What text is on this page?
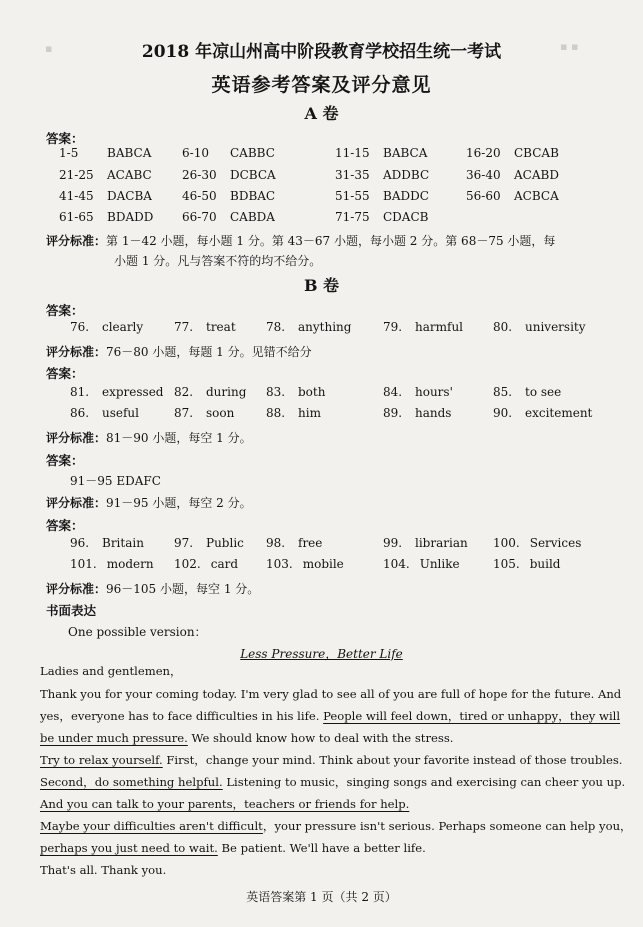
▪	▪ ▪
2018 年凉山州高中阶段教育学校招生统一考试
英语参考答案及评分意见
A 卷
答案：
1-5 BABCA	6-10 CABBC	11-15 BABCA	16-20 CBCAB
21-25 ACABC	26-30 DCBCA	31-35 ADDBC	36-40 ACABD
41-45 DACBA	46-50 BDBAC	51-55 BADDC	56-60 ACBCA
61-65 BDADD 66-70 CABDA	71-75 CDACB
评分标准：第 1－42 小题，每小题 1 分。第 43－67 小题，每小题 2 分。第 68－75 小题，每
小题 1 分。凡与答案不符的均不给分。
B 卷
答案：
评分标准：76－80 小题，每题 1 分。见错不给分
答案：
评分标准：81－90 小题，每空 1 分。
答案：
91－95 EDAFC
评分标准：91－95 小题，每空 2 分。
答案：
评分标准：96－105 小题，每空 1 分。
76. clearly	77. treat	78. anything	79. harmful 80. university
81. expressed 82. during 83. both	84. hours'	85. to see
86. useful	87. soon	88. him	89. hands	90. excitement
96. Britain	97. Public 98. free	99. librarian 100. Services
101. modern 102. card 103. mobile	104. Unlike	105. build
书面表达
One possible version：
Less Pressure，Better Life
Ladies and gentlemen，
Thank you for your coming today. I'm very glad to see all of you are full of hope for the future. And
yes，everyone has to face difficulties in his life. People will feel down，tired or unhappy，they will
be under much pressure. We should know how to deal with the stress.
Try to relax yourself. First，change your mind. Think about your favorite instead of those troubles.
Second，do something helpful. Listening to music，singing songs and exercising can cheer you up.
And you can talk to your parents，teachers or friends for help.
Maybe your difficulties aren't difficult，your pressure isn't serious. Perhaps someone can help you，
perhaps you just need to wait. Be patient. We'll have a better life.
That's all. Thank you.
英语答案第 1 页（共 2 页）
